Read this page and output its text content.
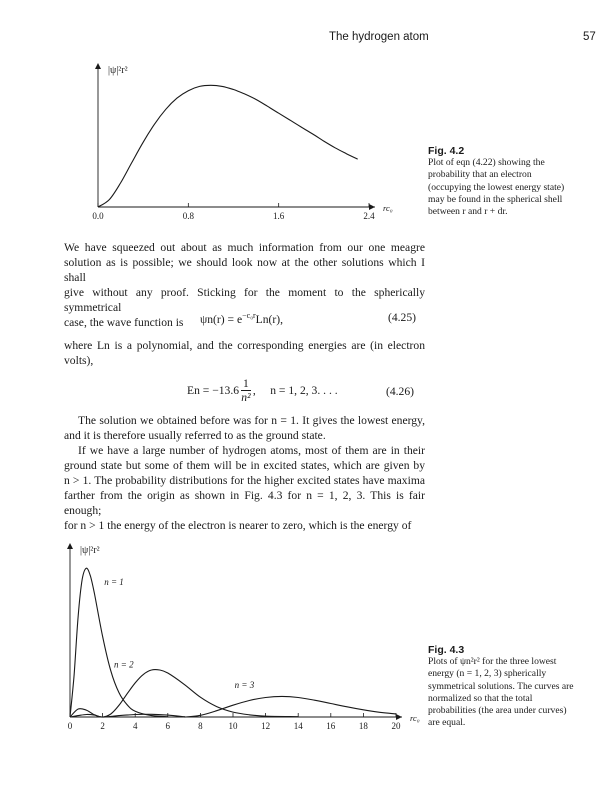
The hydrogen atom	57
0.0	0.8	1.6	2.4
|ψ|²r²
rc₀
Fig. 4.2
Plot of eqn (4.22) showing the
probability that an electron
(occupying the lowest energy state)
may be found in the spherical shell
between r and r + dr.
We have squeezed out about as much information from our one meagre
solution as is possible; we should look now at the other solutions which I shall
give without any proof. Sticking for the moment to the spherically symmetrical
case, the wave function is	$\psi n(r) = e^{-c_0r}Ln(r)$,	(4.25)
where Ln is a polynomial, and the corresponding energies are (in electron
volts),
$En = -13.6 \frac{1}{\text{n²}}$ ,     n = 1, 2, 3. . . .	(4.26)
The solution we obtained before was for n = 1. It gives the lowest energy,
and it is therefore usually referred to as the ground state.
If we have a large number of hydrogen atoms, most of them are in their
ground state but some of them will be in excited states, which are given by
n > 1. The probability distributions for the higher excited states have maxima
farther from the origin as shown in Fig. 4.3 for n = 1, 2, 3. This is fair enough;
for n > 1 the energy of the electron is nearer to zero, which is the energy of
0	2	4	6	8	10	12	14	16	18	20
|ψ|²r²
rc₀
n = 1
n = 2
n = 3
Fig. 4.3
Plots of ψn²r² for the three lowest
energy (n = 1, 2, 3) spherically
symmetrical solutions. The curves are
normalized so that the total
probabilities (the area under curves)
are equal.
